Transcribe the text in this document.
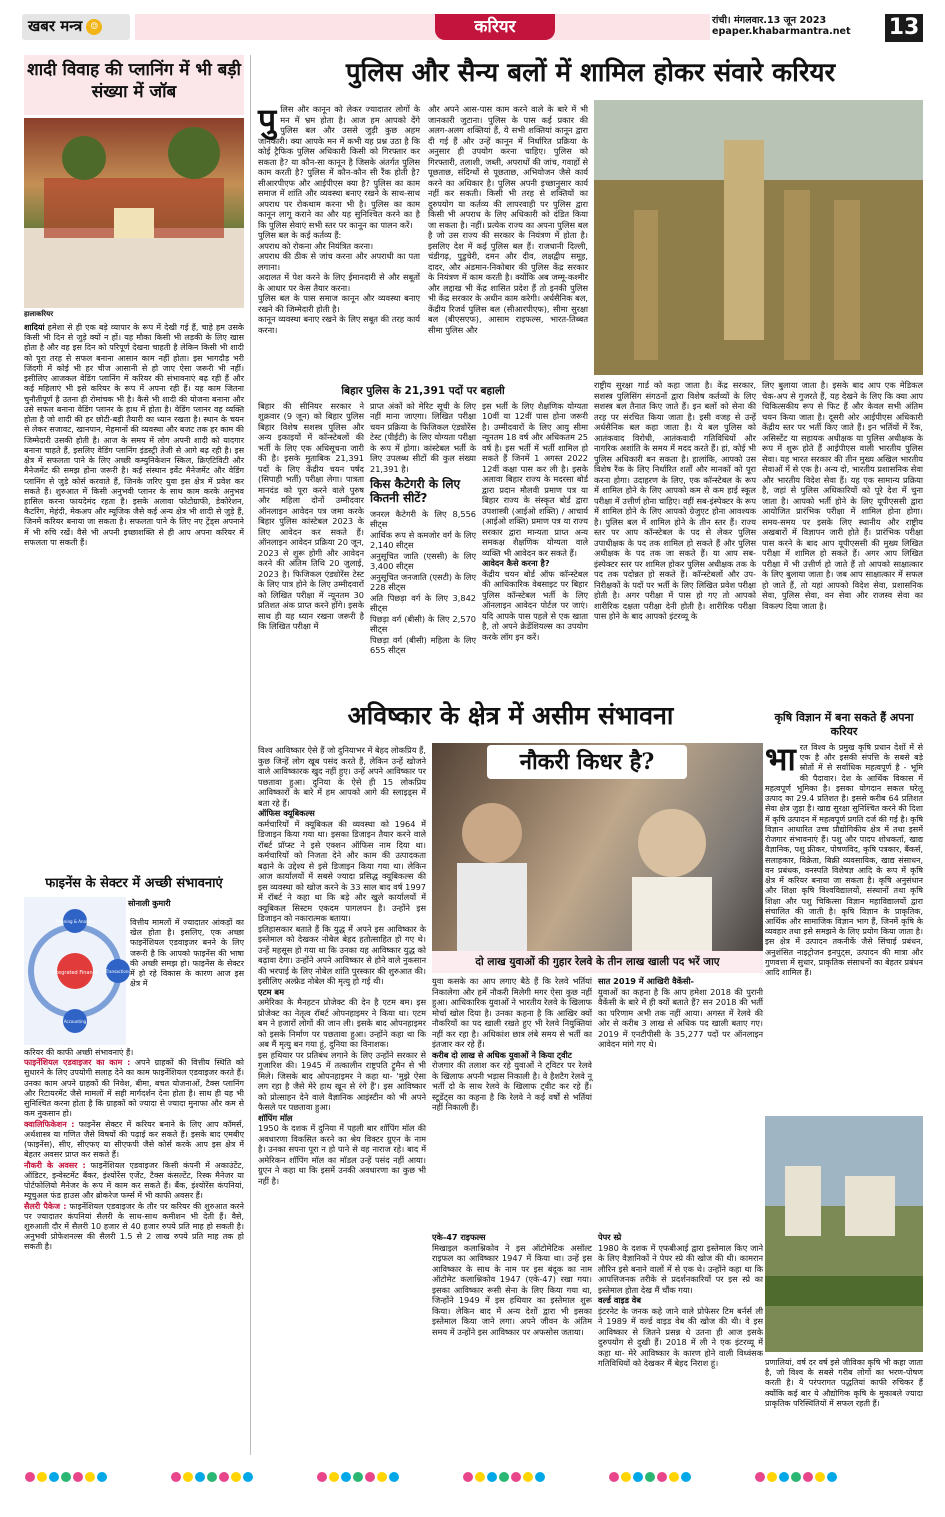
खबर मन्त्र ☺	करियर	रांची। मंगलवार.13 जून 2023
epaper.khabarmantra.net	13
शादी विवाह की प्लानिंग में भी बड़ी संख्या में जॉब
हालाकरियर

शादियां हमेशा से ही एक बड़े व्यापार के रूप में देखी गई हैं, चाहे हम उसके किसी भी दिन से जुड़े क्यों न हों। यह मौका किसी भी लड़की के लिए खास होता है और वह इस दिन को परिपूर्ण देखना चाहती है लेकिन किसी भी शादी को पूरा तरह से सफल बनाना आसान काम नहीं होता। इस भागदौड़ भरी जिंदगी में कोई भी हर चीज आसानी से हो जाए ऐसा जरूरी भी नहीं। इसीलिए आजकल वेडिंग प्लानिंग में करियर की संभावनाएं बढ़ रही हैं और कई महिलाएं भी इसे करियर के रूप में अपना रही हैं। यह काम जितना चुनौतीपूर्ण है उतना ही रोमांचक भी है। कैसे भी शादी की योजना बनाना और उसे सफल बनाना वेडिंग प्लानर के हाथ में होता है। वेडिंग प्लानर वह व्यक्ति होता है जो शादी की हर छोटी-बड़ी तैयारी का ध्यान रखता है। स्थान के चयन से लेकर सजावट, खानपान, मेहमानों की व्यवस्था और बजट तक हर काम की जिम्मेदारी उसकी होती है। आज के समय में लोग अपनी शादी को यादगार बनाना चाहते हैं, इसलिए वेडिंग प्लानिंग इंडस्ट्री तेजी से आगे बढ़ रही है। इस क्षेत्र में सफलता पाने के लिए अच्छी कम्युनिकेशन स्किल, क्रिएटिविटी और मैनेजमेंट की समझ होना जरूरी है। कई संस्थान इवेंट मैनेजमेंट और वेडिंग प्लानिंग से जुड़े कोर्स करवाते हैं, जिनके जरिए युवा इस क्षेत्र में प्रवेश कर सकते हैं। शुरुआत में किसी अनुभवी प्लानर के साथ काम करके अनुभव हासिल करना फायदेमंद रहता है। इसके अलावा फोटोग्राफी, डेकोरेशन, कैटरिंग, मेहंदी, मेकअप और म्यूजिक जैसे कई अन्य क्षेत्र भी शादी से जुड़े हैं, जिनमें करियर बनाया जा सकता है। सफलता पाने के लिए नए ट्रेंड्स अपनाने में भी रुचि रखें। वैसे भी अपनी इच्छाशक्ति से ही आप अपना करियर में सफलता पा सकती हैं।

फाइनेंस के सेक्टर में अच्छी संभावनाएं
Integrated Finance
Planning & Analysis
Transactions
Accounting
सोनाली कुमारी

वित्तीय मामलों में ज्यादातर आंकड़ों का खेल होता है। इसलिए, एक अच्छा फाइनेंशियल एडवाइजर बनने के लिए जरूरी है कि आपको फाइनेंस की भाषा की अच्छी समझ हो। फाइनेंस के सेक्टर में हो रहे विकास के कारण आज इस क्षेत्र में

करियर की काफी अच्छी संभावनाएं हैं।

फाइनेंशियल एडवाइजर का काम : अपने ग्राहकों की वित्तीय स्थिति को सुधारने के लिए उपयोगी सलाह देने का काम फाइनेंशियल एडवाइजर करते हैं। उनका काम अपने ग्राहकों की निवेश, बीमा, बचत योजनाओं, टैक्स प्लानिंग और रिटायरमेंट जैसे मामलों में सही मार्गदर्शन देना होता है। साथ ही यह भी सुनिश्चित करना होता है कि ग्राहकों को ज्यादा से ज्यादा मुनाफा और कम से कम नुकसान हो।

क्वालिफिकेशन : फाइनेंस सेक्टर में करियर बनाने के लिए आप कॉमर्स, अर्थशास्त्र या गणित जैसे विषयों की पढ़ाई कर सकते हैं। इसके बाद एमबीए (फाइनेंस), सीए, सीएफए या सीएफपी जैसे कोर्स करके आप इस क्षेत्र में बेहतर अवसर प्राप्त कर सकते हैं।

नौकरी के अवसर : फाइनेंशियल एडवाइजर किसी कंपनी में अकाउंटेंट, ऑडिटर, इन्वेस्टमेंट बैंकर, इंश्योरेंस एजेंट, टैक्स कंसल्टेंट, रिस्क मैनेजर या पोर्टफोलियो मैनेजर के रूप में काम कर सकते हैं। बैंक, इंश्योरेंस कंपनियां, म्यूचुअल फंड हाउस और ब्रोकरेज फर्म्स में भी काफी अवसर हैं।

सैलरी पैकेज : फाइनेंशियल एडवाइजर के तौर पर करियर की शुरुआत करने पर ज्यादातर कंपनियां सैलरी के साथ-साथ कमीशन भी देती हैं। वैसे, शुरुआती दौर में सैलरी 10 हजार से 40 हजार रुपये प्रति माह हो सकती है। अनुभवी प्रोफेशनल्स की सैलरी 1.5 से 2 लाख रुपये प्रति माह तक हो सकती है।

पुलिस और सैन्य बलों में शामिल होकर संवारे करियर

पुलिस और कानून को लेकर ज्यादातर लोगों के मन में भ्रम होता है। आज हम आपको देंगे पुलिस बल और उससे जुड़ी कुछ अहम जानकारी। क्या आपके मन में कभी यह प्रश्न उठा है कि कोई ट्रैफिक पुलिस अधिकारी किसी को गिरफ्तार कर सकता है? या कौन-सा कानून है जिसके अंतर्गत पुलिस काम करती है? पुलिस में कौन-कौन सी रैंक होती है? सीआरपीएफ और आईपीएस क्या है? पुलिस का काम समाज में शांति और व्यवस्था बनाए रखने के साथ-साथ अपराध पर रोकथाम करना भी है। पुलिस का काम कानून लागू कराने का और यह सुनिश्चित करने का है कि पुलिस सेवाएं सभी स्तर पर कानून का पालन करें।

पुलिस बल के कई कर्तव्य हैं:

अपराध को रोकना और नियंत्रित करना।

अपराध की ठीक से जांच करना और अपराधी का पता लगाना।

अदालत में पेश करने के लिए ईमानदारी से और सबूतों के आधार पर केस तैयार करना।

पुलिस बल के पास समाज कानून और व्यवस्था बनाए रखने की जिम्मेदारी होती है।

कानून व्यवस्था बनाए रखने के लिए सबूत की तरह कार्य करना।

और अपने आस-पास काम करने वाले के बारे में भी जानकारी जुटाना। पुलिस के पास कई प्रकार की अलग-अलग शक्तियां हैं, ये सभी शक्तियां कानून द्वारा दी गई हैं और उन्हें कानून में निर्धारित प्रक्रिया के अनुसार ही उपयोग करना चाहिए। पुलिस को गिरफ्तारी, तलाशी, जब्ती, अपराधों की जांच, गवाहों से पूछताछ, संदिग्धों से पूछताछ, अभियोजन जैसे कार्य करने का अधिकार है। पुलिस अपनी इच्छानुसार कार्य नहीं कर सकती। किसी भी तरह से शक्तियों का दुरुपयोग या कर्तव्य की लापरवाही पर पुलिस द्वारा किसी भी अपराध के लिए अधिकारी को दंडित किया जा सकता है। नहीं। प्रत्येक राज्य का अपना पुलिस बल है जो उस राज्य की सरकार के नियंत्रण में होता है। इसलिए देश में कई पुलिस बल हैं। राजधानी दिल्ली, चंडीगढ़, पुडुचेरी, दमन और दीव, लक्षद्वीप समूह, दादर, और अंडमान-निकोबार की पुलिस केंद्र सरकार के नियंत्रण में काम करती है। क्योंकि अब जम्मू-कश्मीर और लद्दाख भी केंद्र शासित प्रदेश हैं तो इनकी पुलिस भी केंद्र सरकार के अधीन काम करेगी। अर्धसैनिक बल, केंद्रीय रिजर्व पुलिस बल (सीआरपीएफ), सीमा सुरक्षा बल (बीएसएफ), आसाम राइफल्स, भारत-तिब्बत सीमा पुलिस और

बिहार पुलिस के 21,391 पदों पर बहाली

बिहार की सीनियर सरकार ने शुक्रवार (9 जून) को बिहार पुलिस बिहार विशेष सशस्त्र पुलिस और अन्य इकाइयों में कॉन्स्टेबलों की भर्ती के लिए एक अधिसूचना जारी की है। इसके मुताबिक 21,391 पदों के लिए केंद्रीय चयन पर्षद (सिपाही भर्ती) परीक्षा लेगा। पात्रता मानदंड को पूरा करने वाले पुरुष और महिला दोनों उम्मीदवार ऑनलाइन आवेदन पत्र जमा करके बिहार पुलिस कांस्टेबल 2023 के लिए आवेदन कर सकते हैं। ऑनलाइन आवेदन प्रक्रिया 20 जून, 2023 से शुरू होगी और आवेदन करने की अंतिम तिथि 20 जुलाई, 2023 है। फिजिकल एंड्योरेंस टेस्ट के लिए पात्र होने के लिए उम्मीदवारों को लिखित परीक्षा में न्यूनतम 30 प्रतिशत अंक प्राप्त करने होंगे। इसके साथ ही यह ध्यान रखना जरूरी है कि लिखित परीक्षा में

प्राप्त अंकों को मेरिट सूची के लिए नहीं माना जाएगा। लिखित परीक्षा चयन प्रक्रिया के फिजिकल एंड्योरेंस टेस्ट (पीईटी) के लिए योग्यता परीक्षा के रूप में होगा। कांस्टेबल भर्ती के लिए उपलब्ध सीटों की कुल संख्या 21,391 है।

किस कैटेगरी के लिए कितनी सीटें?

जनरल कैटेगरी के लिए 8,556 सीट्स

आर्थिक रूप से कमजोर वर्ग के लिए 2,140 सीट्स

अनुसूचित जाति (एससी) के लिए 3,400 सीट्स

अनुसूचित जनजाति (एसटी) के लिए 228 सीट्स

अति पिछड़ा वर्ग के लिए 3,842 सीट्स

पिछड़ा वर्ग (बीसी) के लिए 2,570 सीट्स

पिछड़ा वर्ग (बीसी) महिला के लिए 655 सीट्स

इस भर्ती के लिए शैक्षणिक योग्यता 10वीं या 12वीं पास होना जरूरी है। उम्मीदवारों के लिए आयु सीमा न्यूनतम 18 वर्ष और अधिकतम 25 वर्ष है। इस भर्ती में भर्ती शामिल हो सकते हैं जिनमें 1 अगस्त 2022 12वीं कक्षा पास कर ली है। इसके अलावा बिहार राज्य के मदरसा बोर्ड द्वारा प्रदान मौलवी प्रमाण पत्र या बिहार राज्य के संस्कृत बोर्ड द्वारा उपशास्त्री (आईओ शक्ति) / आचार्य (आईओ शक्ति) प्रमाण पत्र या राज्य सरकार द्वारा मान्यता प्राप्त अन्य समकक्ष शैक्षणिक योग्यता वाले व्यक्ति भी आवेदन कर सकते हैं।

आवेदन कैसे करना है?

केंद्रीय चयन बोर्ड ऑफ कॉन्स्टेबल की आधिकारिक वेबसाइट पर बिहार पुलिस कॉन्स्टेबल भर्ती के लिए ऑनलाइन आवेदन पोर्टल पर जाएं। यदि आपके पास पहले से एक खाता है, तो अपने क्रेडेंशियल्स का उपयोग करके लॉग इन करें।

राष्ट्रीय सुरक्षा गार्ड को कहा जाता है। केंद्र सरकार, सशस्त्र पुलिसिंग संगठनों द्वारा विशेष कर्तव्यों के लिए सशस्त्र बल तैनात किए जाते हैं। इन बलों को सेना की तरह पर संरचित किया जाता है। इसी वजह से उन्हें अर्धसैनिक बल कहा जाता है। ये बल पुलिस को आतंकवाद विरोधी, आतंकवादी गतिविधियों और नागरिक अशांति के समय में मदद करते हैं। हां, कोई भी पुलिस अधिकारी बन सकता है। हालांकि, आपको उस विशेष रैंक के लिए निर्धारित शर्तों और मानकों को पूरा करना होगा। उदाहरण के लिए, एक कॉन्स्टेबल के रूप में शामिल होने के लिए आपको कम से कम हाई स्कूल परीक्षा में उत्तीर्ण होना चाहिए। वहीं सब-इंस्पेक्टर के रूप में शामिल होने के लिए आपको ग्रेजुएट होना आवश्यक है। पुलिस बल में शामिल होने के तीन स्तर हैं। राज्य स्तर पर आप कॉन्स्टेबल के पद से लेकर पुलिस उपाधीक्षक के पद तक शामिल हो सकते हैं और पुलिस अधीक्षक के पद तक जा सकते हैं। या आप सब-इंस्पेक्टर स्तर पर शामिल होकर पुलिस अधीक्षक तक के पद तक पदोन्नत हो सकते हैं। कॉन्स्टेबलों और उप-निरीक्षकों के पदों पर भर्ती के लिए लिखित प्रवेश परीक्षा होती है। अगर परीक्षा में पास हो गए तो आपको शारीरिक दक्षता परीक्षा देनी होती है। शारीरिक परीक्षा पास होने के बाद आपको इंटरव्यू के

लिए बुलाया जाता है। इसके बाद आप एक मेडिकल चेक-अप से गुजरते हैं, यह देखने के लिए कि क्या आप चिकित्सकीय रूप से फिट हैं और केवल सभी अंतिम चयन किया जाता है। दूसरी ओर आईपीएस अधिकारी केंद्रीय स्तर पर भर्ती किए जाते हैं। इन भर्तियों में रैंक, असिस्टेंट या सहायक अधीक्षक या पुलिस अधीक्षक के रूप में शुरू होते हैं आईपीएस वाली भारतीय पुलिस सेवा। यह भारत सरकार की तीन मुख्य अखिल भारतीय सेवाओं में से एक है। अन्य दो, भारतीय प्रशासनिक सेवा और भारतीय विदेश सेवा हैं। यह एक सामान्य प्रक्रिया है, जहां से पुलिस अधिकारियों को पूरे देश में चुना जाता है। आपको भर्ती होने के लिए यूपीएससी द्वारा आयोजित प्रारंभिक परीक्षा में शामिल होना होगा। समय-समय पर इसके लिए स्थानीय और राष्ट्रीय अखबारों में विज्ञापन जारी होते हैं। प्रारंभिक परीक्षा पास करने के बाद आप यूपीएससी की मुख्य लिखित परीक्षा में शामिल हो सकते हैं। अगर आप लिखित परीक्षा में भी उत्तीर्ण हो जाते हैं तो आपको साक्षात्कार के लिए बुलाया जाता है। जब आप साक्षात्कार में सफल हो जाते हैं, तो यहां आपको विदेश सेवा, प्रशासनिक सेवा, पुलिस सेवा, वन सेवा और राजस्व सेवा का विकल्प दिया जाता है।

अविष्कार के क्षेत्र में असीम संभावना

विश्व आविष्कार ऐसे हैं जो दुनियाभर में बेहद लोकप्रिय हैं, कुछ जिन्हें लोग खूब पसंद करते हैं, लेकिन उन्हें खोजने वाले आविष्कारक खुद नहीं हुए। उन्हें अपने आविष्कार पर पछतावा हुआ। दुनिया के ऐसे ही 15 लोकप्रिय आविष्कारों के बारे में हम आपको आगे की स्लाइड्स में बता रहे हैं।

ऑफिस क्यूबिकल्स

कर्मचारियों में क्यूबिकल की व्यवस्था को 1964 में डिजाइन किया गया था। इसका डिजाइन तैयार करने वाले रॉबर्ट प्रॉप्स्ट ने इसे एक्शन ऑफिस नाम दिया था। कर्मचारियों को निजता देने और काम की उत्पादकता बढ़ाने के उद्देश्य से इसे डिजाइन किया गया था। लेकिन आज कार्यालयों में सबसे ज्यादा प्रसिद्ध क्यूबिकल्स की इस व्यवस्था को खोज करने के 33 साल बाद वर्ष 1997 में रॉबर्ट ने कहा था कि बड़े और खुले कार्यालयों में क्यूबिकल सिस्टम एकदम पागलपन है। उन्होंने इस डिजाइन को नकारात्मक बताया।

इतिहासकार बताते हैं कि युद्ध में अपने इस आविष्कार के इस्तेमाल को देखकर नोबेल बेहद हतोत्साहित हो गए थे। उन्हें महसूस हो गया था कि उनका यह आविष्कार युद्ध को बढ़ावा देगा। उन्होंने अपने आविष्कार से होने वाले नुकसान की भरपाई के लिए नोबेल शांति पुरस्कार की शुरुआत की। इसीलिए अल्फ्रेड नोबेल की मृत्यु हो गई थी।

एटम बम

अमेरिका के मैनहटन प्रोजेक्ट की देन है एटम बम। इस प्रोजेक्ट का नेतृत्व रॉबर्ट ओपनहाइमर ने किया था। एटम बम ने हजारों लोगों की जान ली। इसके बाद ओपनहाइमर को इसके निर्माण पर पछतावा हुआ। उन्होंने कहा था कि अब मैं मृत्यु बन गया हूं, दुनिया का विनाशक।

इस हथियार पर प्रतिबंध लगाने के लिए उन्होंने सरकार से गुजारिश की। 1945 में तत्कालीन राष्ट्रपति ट्रूमैन से भी मिले। जिसके बाद ओपनहाइमर ने कहा था- 'मुझे ऐसा लग रहा है जैसे मेरे हाथ खून से रंगे हैं'। इस आविष्कार को प्रोत्साहन देने वाले वैज्ञानिक आइंस्टीन को भी अपने फैसले पर पछतावा हुआ।

शॉपिंग मॉल

1950 के दशक में दुनिया में पहली बार शॉपिंग मॉल की अवधारणा विकसित करने का श्रेय विक्टर ग्रुएन के नाम है। उनका सपना पूरा न हो पाने से वह नाराज रहे। बाद में अमेरिकन शॉपिंग मॉल का मॉडल उन्हें पसंद नहीं आया। ग्रुएन ने कहा था कि इसमें उनकी अवधारणा का कुछ भी नहीं है।

नौकरी किधर है?
दो लाख युवाओं की गुहार रेलवे के तीन लाख खाली पद भरें जाए

युवा कसके का आप लगाए बैठे हैं कि रेलवे भर्तियां निकालेगा और हमें नौकरी मिलेगी मगर ऐसा कुछ नहीं हुआ। आधिकारिक युवाओं ने भारतीय रेलवे के खिलाफ मोर्चा खोल दिया है। उनका कहना है कि आखिर क्यों नौकरियों का पद खाली रखते हुए भी रेलवे नियुक्तियां नहीं कर रहा है। अधिकांश छात्र लंबे समय से भर्ती का इंतजार कर रहे हैं।

करीब दो लाख से अधिक युवाओं ने किया ट्वीट

रोजगार की तलाश कर रहे युवाओं ने ट्विटर पर रेलवे के खिलाफ अपनी भड़ास निकाली है। वे हैशटैग रेलवे नू भर्ती दो के साथ रेलवे के खिलाफ ट्वीट कर रहे हैं। स्टूडेंट्स का कहना है कि रेलवे ने कई वर्षों से भर्तियां नहीं निकाली हैं।

सात 2019 में आखिरी वैकेंसी-

युवाओं का कहना है कि आप हमेशा 2018 की पुरानी वैकेंसी के बारे में ही क्यों बताते हैं? सन 2018 की भर्ती का परिणाम अभी तक नहीं आया। अगस्त में रेलवे की ओर से करीब 3 लाख से अधिक पद खाली बताए गए। 2019 में एनटीपीसी के 35,277 पदों पर ऑनलाइन आवेदन मांगे गए थे।

एके-47 राइफल्स

मिखाइल कलाश्निकोव ने इस ऑटोमेटिक असॉल्ट राइफल का आविष्कार 1947 में किया था। उन्हें इस आविष्कार के साथ के नाम पर इस बंदूक का नाम ऑटोमेट कलाश्निकोव 1947 (एके-47) रखा गया। इसका आविष्कार रूसी सेना के लिए किया गया था, जिन्होंने 1949 में इस हथियार का इस्तेमाल शुरू किया। लेकिन बाद में अन्य देशों द्वारा भी इसका इस्तेमाल किया जाने लगा। अपने जीवन के अंतिम समय में उन्होंने इस आविष्कार पर अफसोस जताया।

पेपर स्प्रे

1980 के दशक में एफबीआई द्वारा इस्तेमाल किए जाने के लिए वैज्ञानिकों ने पेपर स्प्रे की खोज की थी। कामरान लौरिन इसे बनाने वालों में से एक थे। उन्होंने कहा था कि आपत्तिजनक तरीके से प्रदर्शनकारियों पर इस स्प्रे का इस्तेमाल होता देख मैं चौंक गया।

वर्ल्ड वाइड वेब

इंटरनेट के जनक कहे जाने वाले प्रोफेसर टिम बर्नर्स ली ने 1989 में वर्ल्ड वाइड वेब की खोज की थी। वे इस आविष्कार से जितने प्रसन्न थे उतना ही आज इसके दुरुपयोग से दुखी हैं। 2018 में ली ने एक इंटरव्यू में कहा था- मेरे आविष्कार के कारण होने वाली विध्वंसक गतिविधियों को देखकर मैं बेहद निराश हूं।

कृषि विज्ञान में बना सकते हैं अपना करियर

भारत विश्व के प्रमुख कृषि प्रधान देशों में से एक है और इसकी संपत्ति के सबसे बड़े स्रोतों में से सर्वाधिक महत्वपूर्ण है - भूमि की पैदावार। देश के आर्थिक विकास में महत्वपूर्ण भूमिका है। इसका योगदान सकल घरेलू उत्पाद का 29.4 प्रतिशत है। इससे करीब 64 प्रतिशत सेवा क्षेत्र जुड़ा है। खाद्य सुरक्षा सुनिश्चित करने की दिशा में कृषि उत्पादन में महत्वपूर्ण प्रगति दर्ज की गई है। कृषि विज्ञान आधारित उच्च प्रौद्योगिकीय क्षेत्र में तथा इसमें रोजगार संभावनाएं हैं। पशु और पादप शोधकर्ता, खाद्य वैज्ञानिक, पशु फ्रीकर, पोषणविद, कृषि पत्रकार, बैंकर्स, सलाहकार, विक्रेता, बिक्री व्यवसायिक, खाद्य संसाधन, वन प्रबंधक, वनस्पति विशेषज्ञ आदि के रूप में कृषि क्षेत्र में करियर बनाया जा सकता है। कृषि अनुसंधान और शिक्षा कृषि विश्वविद्यालयों, संस्थानों तथा कृषि शिक्षा और पशु चिकित्सा विज्ञान महाविद्यालयों द्वारा संचालित की जाती है। कृषि विज्ञान के प्राकृतिक, आर्थिक और सामाजिक विज्ञान भाग हैं, जिनमें कृषि के व्यवहार तथा इसे समझने के लिए प्रयोग किया जाता है। इस क्षेत्र में उत्पादन तकनीकें जैसे सिंचाई प्रबंधन, अनुशंसित नाइट्रोजन इनपुट्स, उत्पादन की मात्रा और गुणवत्ता में सुधार, प्राकृतिक संसाधनों का बेहतर प्रबंधन आदि शामिल हैं।

प्रणालियां, वर्ष दर वर्ष इसे जीविका कृषि भी कहा जाता है, जो विश्व के सबसे गरीब लोगों का भरण-पोषण करती है। ये परंपरागत पद्धतियां काफी रुचिकर हैं क्योंकि कई बार ये औद्योगिक कृषि के मुकाबले ज्यादा प्राकृतिक परिस्थितियों में सफल रहती हैं।
